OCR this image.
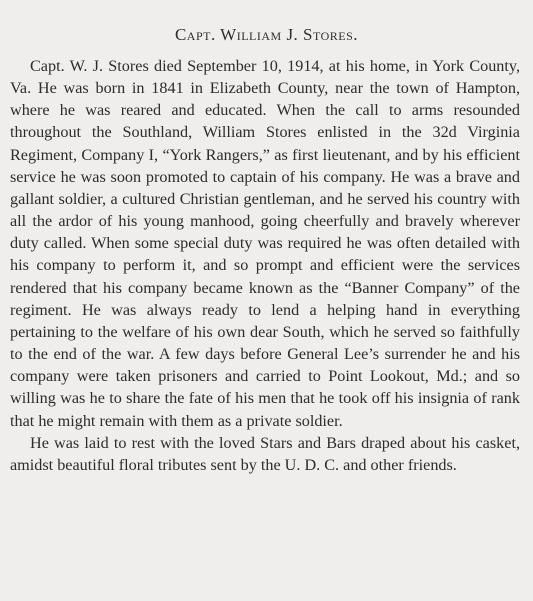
Capt. William J. Stores.

Capt. W. J. Stores died September 10, 1914, at his home, in York County, Va. He was born in 1841 in Elizabeth County, near the town of Hampton, where he was reared and educated. When the call to arms resounded throughout the Southland, William Stores enlisted in the 32d Virginia Regiment, Company I, “York Rangers,” as first lieutenant, and by his efficient service he was soon promoted to captain of his company. He was a brave and gallant soldier, a cultured Christian gentleman, and he served his country with all the ardor of his young manhood, going cheerfully and bravely wherever duty called. When some special duty was required he was often detailed with his company to perform it, and so prompt and efficient were the services rendered that his company became known as the “Banner Company” of the regiment. He was always ready to lend a helping hand in everything pertaining to the welfare of his own dear South, which he served so faithfully to the end of the war. A few days before General Lee’s surrender he and his company were taken prisoners and carried to Point Lookout, Md.; and so willing was he to share the fate of his men that he took off his insignia of rank that he might remain with them as a private soldier.

He was laid to rest with the loved Stars and Bars draped about his casket, amidst beautiful floral tributes sent by the U. D. C. and other friends.
